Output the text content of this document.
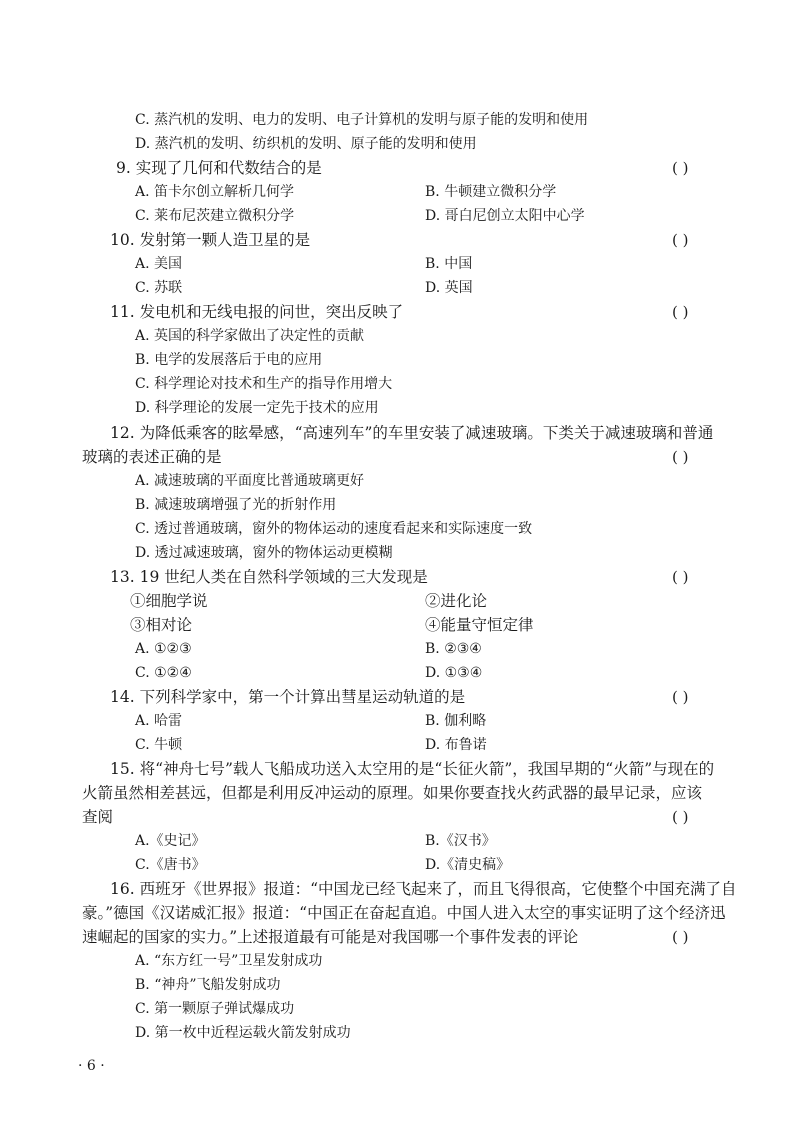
C. 蒸汽机的发明、电力的发明、电子计算机的发明与原子能的发明和使用
D. 蒸汽机的发明、纺织机的发明、原子能的发明和使用
9. 实现了几何和代数结合的是	( )
A. 笛卡尔创立解析几何学	B. 牛顿建立微积分学
C. 莱布尼茨建立微积分学	D. 哥白尼创立太阳中心学
10. 发射第一颗人造卫星的是	( )
A. 美国	B. 中国
C. 苏联	D. 英国
11. 发电机和无线电报的问世，突出反映了	( )
A. 英国的科学家做出了决定性的贡献
B. 电学的发展落后于电的应用
C. 科学理论对技术和生产的指导作用增大
D. 科学理论的发展一定先于技术的应用
12. 为降低乘客的眩晕感，“高速列车”的车里安装了减速玻璃。下类关于减速玻璃和普通
玻璃的表述正确的是	( )
A. 减速玻璃的平面度比普通玻璃更好
B. 减速玻璃增强了光的折射作用
C. 透过普通玻璃，窗外的物体运动的速度看起来和实际速度一致
D. 透过减速玻璃，窗外的物体运动更模糊
13. 19 世纪人类在自然科学领域的三大发现是	( )
①细胞学说	②进化论
③相对论	④能量守恒定律
A. ①②③	B. ②③④
C. ①②④	D. ①③④
14. 下列科学家中，第一个计算出彗星运动轨道的是	( )
A. 哈雷	B. 伽利略
C. 牛顿	D. 布鲁诺
15. 将“神舟七号”载人飞船成功送入太空用的是“长征火箭”，我国早期的“火箭”与现在的
火箭虽然相差甚远，但都是利用反冲运动的原理。如果你要查找火药武器的最早记录，应该
查阅	( )
A.《史记》	B.《汉书》
C.《唐书》	D.《清史稿》
16. 西班牙《世界报》报道：“中国龙已经飞起来了，而且飞得很高，它使整个中国充满了自
豪。”德国《汉诺威汇报》报道：“中国正在奋起直追。中国人进入太空的事实证明了这个经济迅
速崛起的国家的实力。”上述报道最有可能是对我国哪一个事件发表的评论	( )
A. “东方红一号”卫星发射成功
B. “神舟”飞船发射成功
C. 第一颗原子弹试爆成功
D. 第一枚中近程运载火箭发射成功
· 6 ·
